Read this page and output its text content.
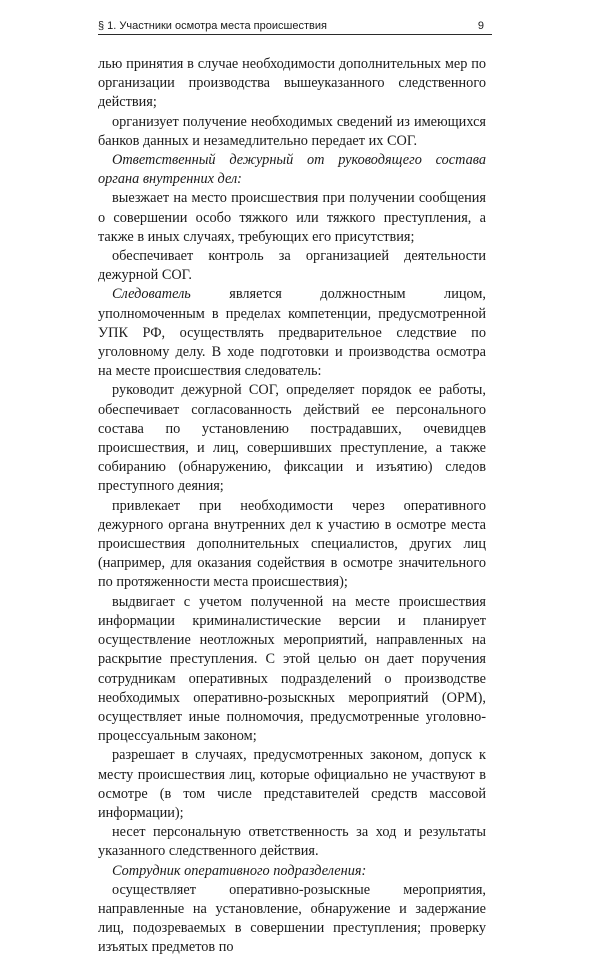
§ 1. Участники осмотра места происшествия	9

лью принятия в случае необходимости дополнительных мер по организации производства вышеуказанного следственного действия;

организует получение необходимых сведений из имеющихся банков данных и незамедлительно передает их СОГ.

Ответственный дежурный от руководящего состава органа внутренних дел:

выезжает на место происшествия при получении сообщения о совершении особо тяжкого или тяжкого преступления, а также в иных случаях, требующих его присутствия;

обеспечивает контроль за организацией деятельности дежурной СОГ.

Следователь является должностным лицом, уполномоченным в пределах компетенции, предусмотренной УПК РФ, осуществлять предварительное следствие по уголовному делу. В ходе подготовки и производства осмотра на месте происшествия следователь:

руководит дежурной СОГ, определяет порядок ее работы, обеспечивает согласованность действий ее персонального состава по установлению пострадавших, очевидцев происшествия, и лиц, совершивших преступление, а также собиранию (обнаружению, фиксации и изъятию) следов преступного деяния;

привлекает при необходимости через оперативного дежурного органа внутренних дел к участию в осмотре места происшествия дополнительных специалистов, других лиц (например, для оказания содействия в осмотре значительного по протяженности места происшествия);

выдвигает с учетом полученной на месте происшествия информации криминалистические версии и планирует осуществление неотложных мероприятий, направленных на раскрытие преступления. С этой целью он дает поручения сотрудникам оперативных подразделений о производстве необходимых оперативно-розыскных мероприятий (ОРМ), осуществляет иные полномочия, предусмотренные уголовно-процессуальным законом;

разрешает в случаях, предусмотренных законом, допуск к месту происшествия лиц, которые официально не участвуют в осмотре (в том числе представителей средств массовой информации);

несет персональную ответственность за ход и результаты указанного следственного действия.

Сотрудник оперативного подразделения:

осуществляет оперативно-розыскные мероприятия, направленные на установление, обнаружение и задержание лиц, подозреваемых в совершении преступления; проверку изъятых предметов по
